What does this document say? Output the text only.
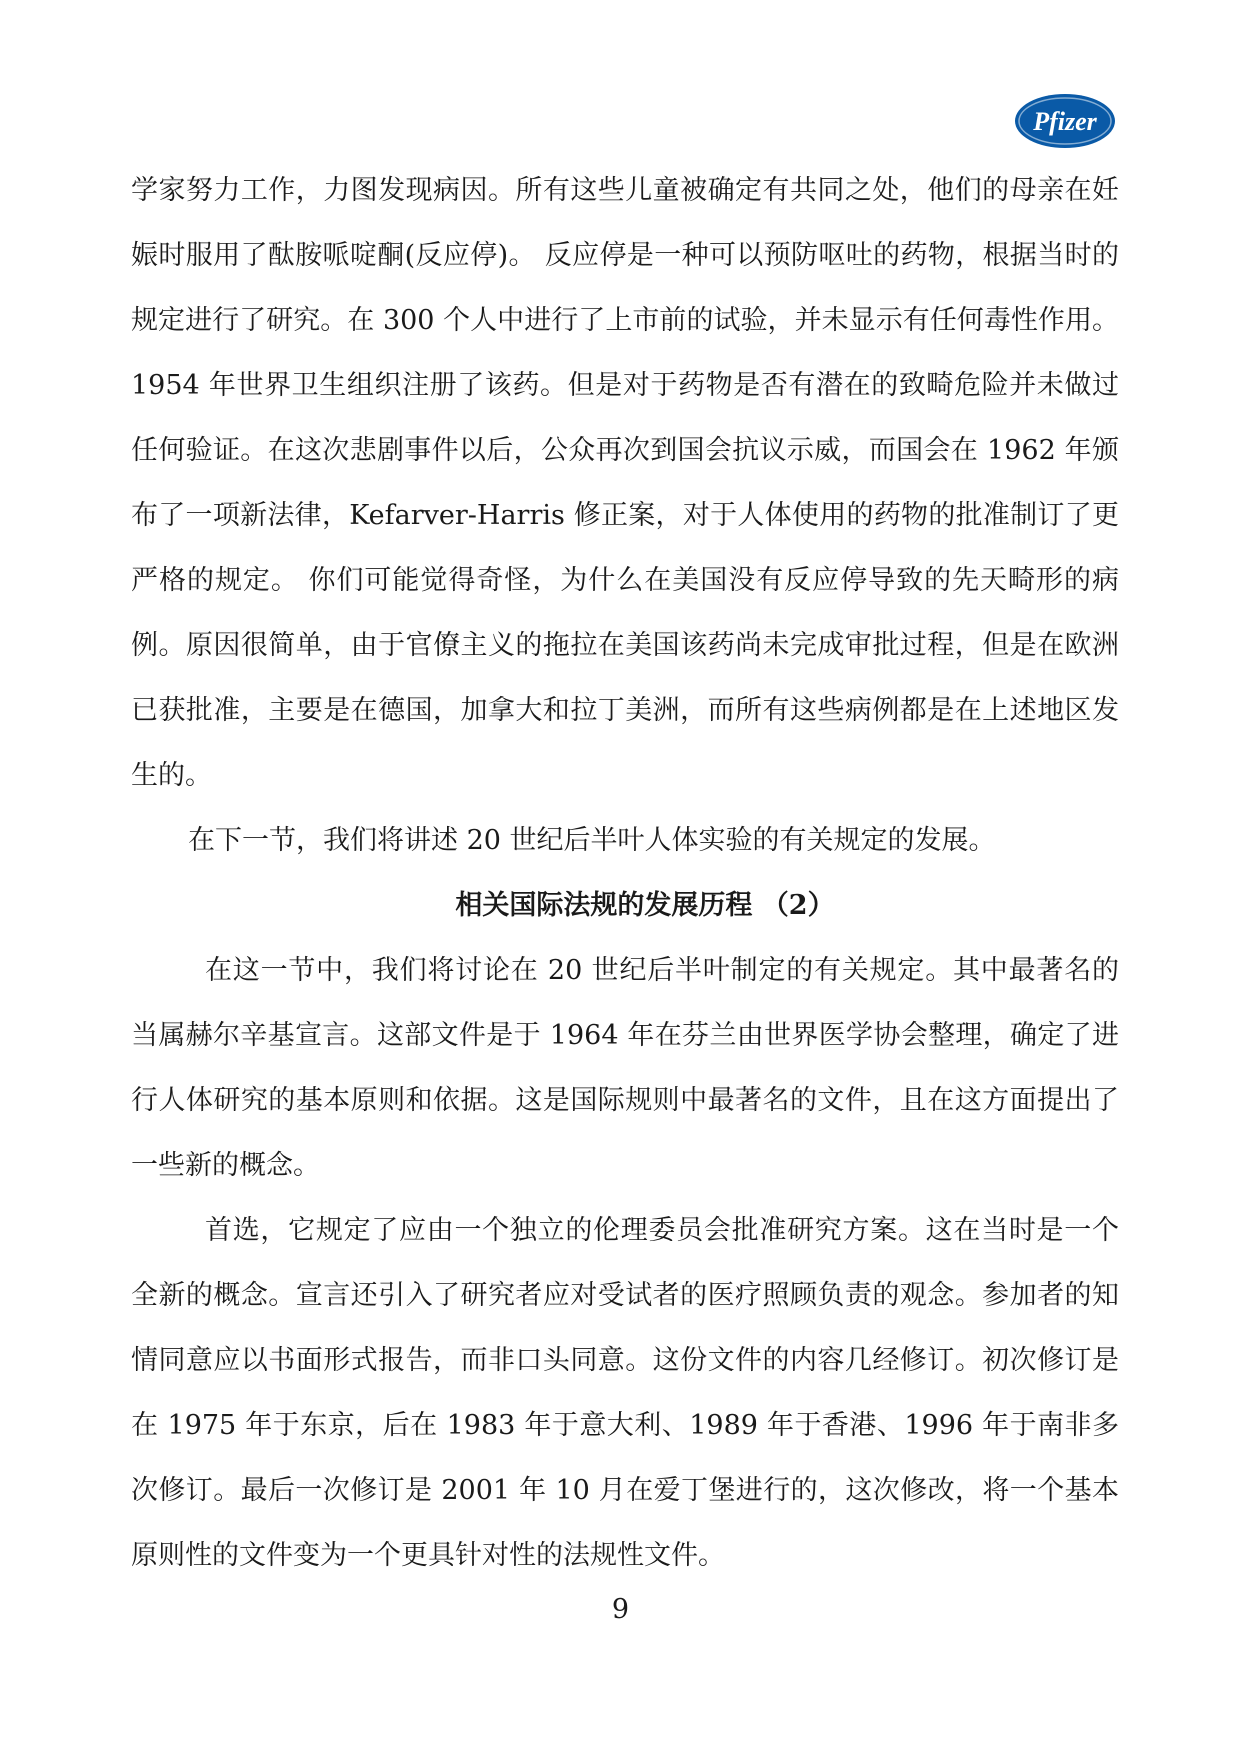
Pfizer

学家努力工作，力图发现病因。所有这些儿童被确定有共同之处，他们的母亲在妊娠时服用了酞胺哌啶酮(反应停)。 反应停是一种可以预防呕吐的药物，根据当时的规定进行了研究。在 300 个人中进行了上市前的试验，并未显示有任何毒性作用。1954 年世界卫生组织注册了该药。但是对于药物是否有潜在的致畸危险并未做过任何验证。在这次悲剧事件以后，公众再次到国会抗议示威，而国会在 1962 年颁布了一项新法律，Kefarver-Harris 修正案，对于人体使用的药物的批准制订了更严格的规定。 你们可能觉得奇怪，为什么在美国没有反应停导致的先天畸形的病例。原因很简单，由于官僚主义的拖拉在美国该药尚未完成审批过程，但是在欧洲已获批准，主要是在德国，加拿大和拉丁美洲，而所有这些病例都是在上述地区发生的。

在下一节，我们将讲述 20 世纪后半叶人体实验的有关规定的发展。

相关国际法规的发展历程 （2）

在这一节中，我们将讨论在 20 世纪后半叶制定的有关规定。其中最著名的当属赫尔辛基宣言。这部文件是于 1964 年在芬兰由世界医学协会整理，确定了进行人体研究的基本原则和依据。这是国际规则中最著名的文件，且在这方面提出了一些新的概念。

首选，它规定了应由一个独立的伦理委员会批准研究方案。这在当时是一个全新的概念。宣言还引入了研究者应对受试者的医疗照顾负责的观念。参加者的知情同意应以书面形式报告，而非口头同意。这份文件的内容几经修订。初次修订是在 1975 年于东京，后在 1983 年于意大利、1989 年于香港、1996 年于南非多次修订。最后一次修订是 2001 年 10 月在爱丁堡进行的，这次修改，将一个基本原则性的文件变为一个更具针对性的法规性文件。

9
